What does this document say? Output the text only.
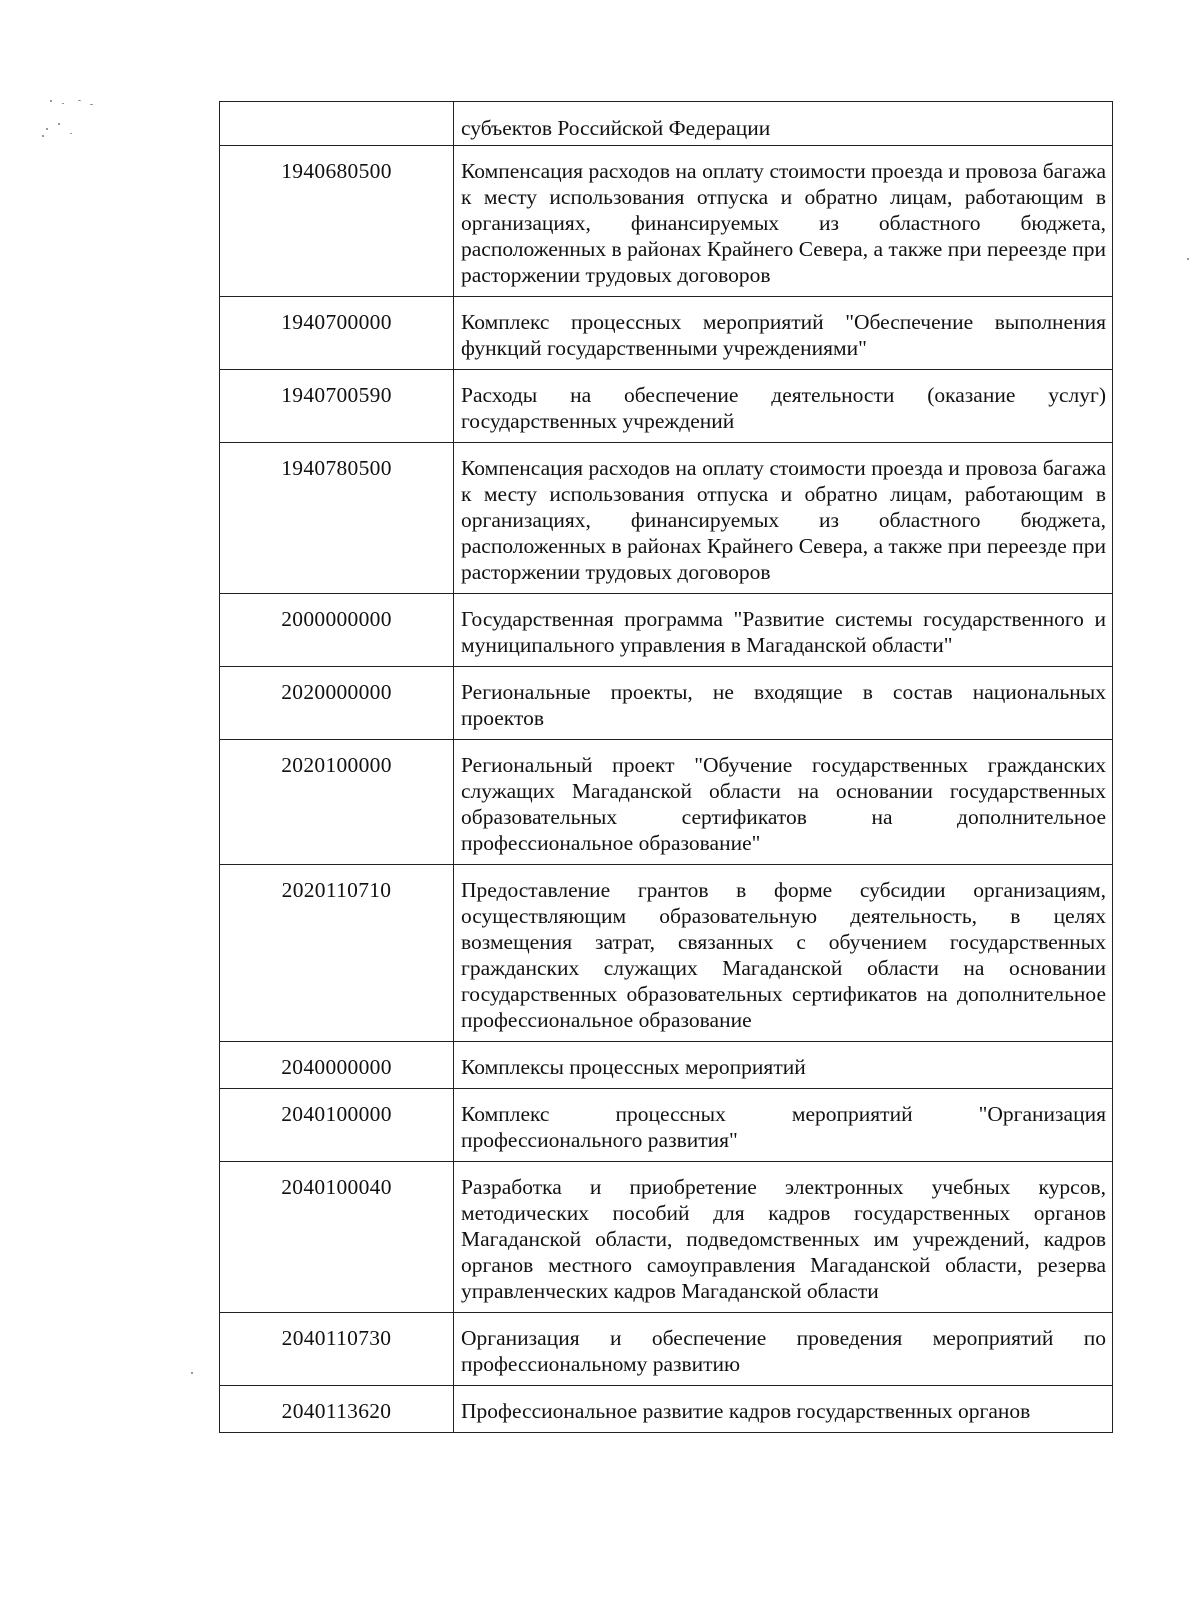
	субъектов Российской Федерации
1940680500	Компенсация расходов на оплату стоимости проезда и провоза багажа к месту использования отпуска и обратно лицам, работающим в организациях, финансируемых из областного бюджета, расположенных в районах Крайнего Севера, а также при переезде при расторжении трудовых договоров
1940700000	Комплекс процессных мероприятий "Обеспечение выполнения функций государственными учреждениями"
1940700590	Расходы на обеспечение деятельности (оказание услуг) государственных учреждений
1940780500	Компенсация расходов на оплату стоимости проезда и провоза багажа к месту использования отпуска и обратно лицам, работающим в организациях, финансируемых из областного бюджета, расположенных в районах Крайнего Севера, а также при переезде при расторжении трудовых договоров
2000000000	Государственная программа "Развитие системы государственного и муниципального управления в Магаданской области"
2020000000	Региональные проекты, не входящие в состав национальных проектов
2020100000	Региональный проект "Обучение государственных гражданских служащих Магаданской области на основании государственных образовательных сертификатов на дополнительное профессиональное образование"
2020110710	Предоставление грантов в форме субсидии организациям, осуществляющим образовательную деятельность, в целях возмещения затрат, связанных с обучением государственных гражданских служащих Магаданской области на основании государственных образовательных сертификатов на дополнительное профессиональное образование
2040000000	Комплексы процессных мероприятий
2040100000	Комплекс процессных мероприятий "Организация профессионального развития"
2040100040	Разработка и приобретение электронных учебных курсов, методических пособий для кадров государственных органов Магаданской области, подведомственных им учреждений, кадров органов местного самоуправления Магаданской области, резерва управленческих кадров Магаданской области
2040110730	Организация и обеспечение проведения мероприятий по профессиональному развитию
2040113620	Профессиональное развитие кадров государственных органов
